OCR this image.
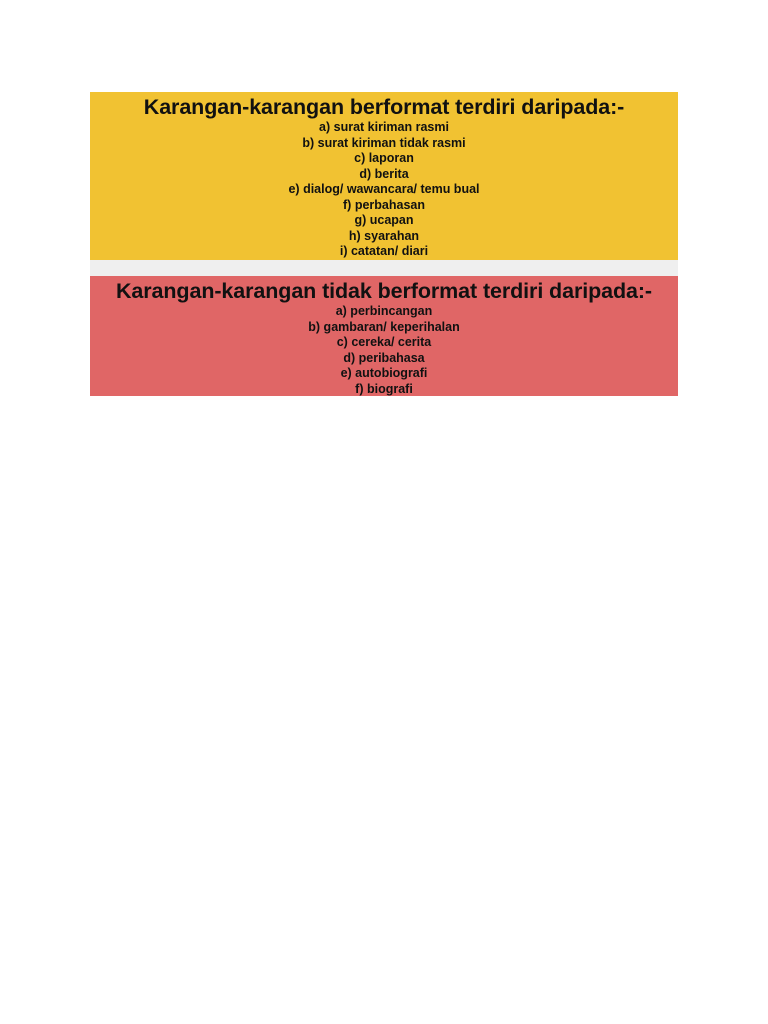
Karangan-karangan berformat terdiri daripada:-
a) surat kiriman rasmi
b) surat kiriman tidak rasmi
c) laporan
d) berita
e) dialog/ wawancara/ temu bual
f) perbahasan
g) ucapan
h) syarahan
i) catatan/ diari
Karangan-karangan tidak berformat terdiri daripada:-
a) perbincangan
b) gambaran/ keperihalan
c) cereka/ cerita
d) peribahasa
e) autobiografi
f) biografi
